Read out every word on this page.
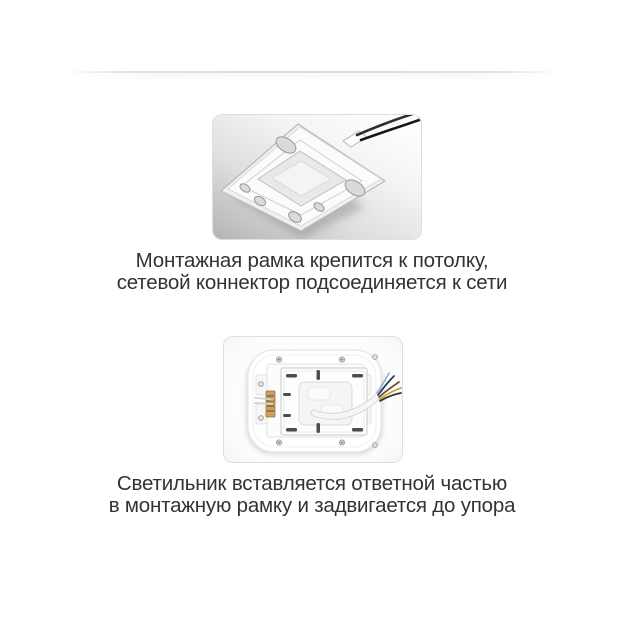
Монтажная рамка крепится к потолку,
сетевой коннектор подсоединяется к сети

Светильник вставляется ответной частью
в монтажную рамку и задвигается до упора
